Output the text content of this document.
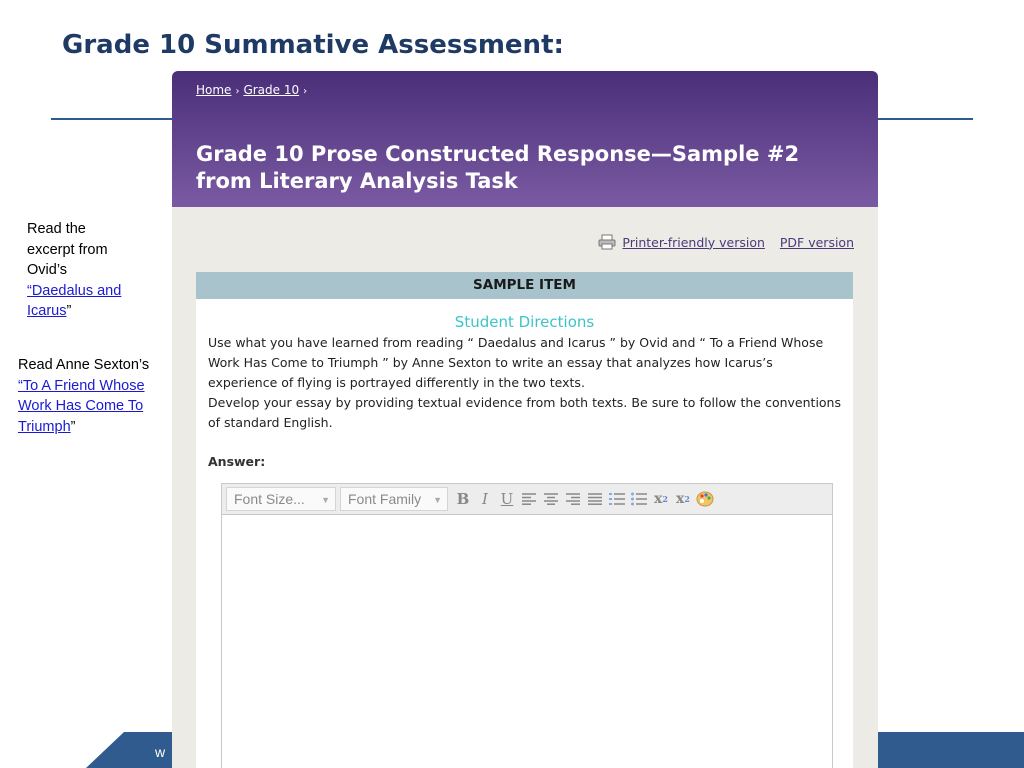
Grade 10 Summative Assessment:
Read the excerpt from Ovid’s “Daedalus and Icarus”
Read Anne Sexton’s “To A Friend Whose Work Has Come To Triumph”
w
Home › Grade 10 ›
Grade 10 Prose Constructed Response—Sample #2 from Literary Analysis Task
Printer-friendly version PDF version
SAMPLE ITEM
Student Directions

Use what you have learned from reading “ Daedalus and Icarus ” by Ovid and “ To a Friend Whose Work Has Come to Triumph ” by Anne Sexton to write an essay that analyzes how Icarus’s experience of flying is portrayed differently in the two texts.

Develop your essay by providing textual evidence from both texts. Be sure to follow the conventions of standard English.

Answer:
Font Size... ▼	Font Family ▼ B I U	x 2 x 2
